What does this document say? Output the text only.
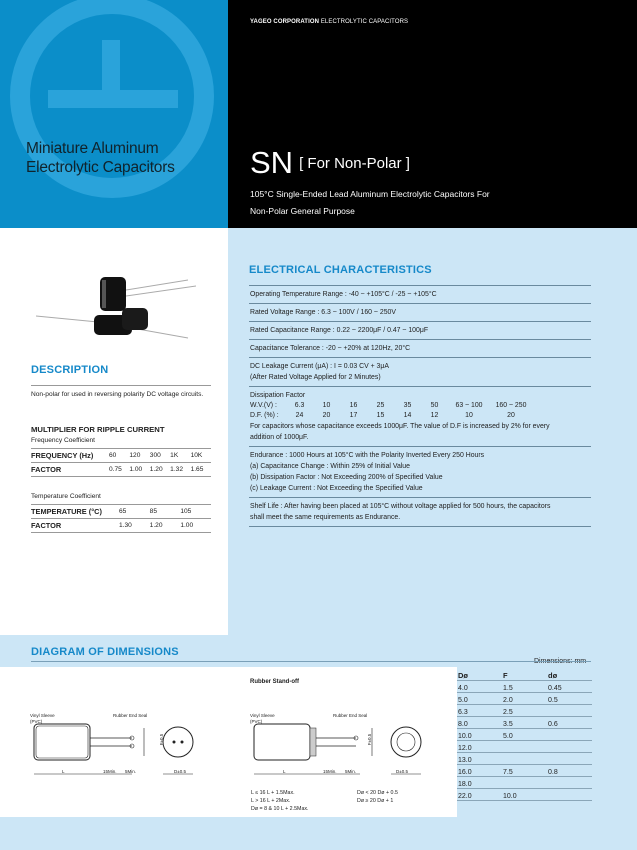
Miniature Aluminum
Electrolytic Capacitors
YAGEO CORPORATION ELECTROLYTIC CAPACITORS
SN [ For Non-Polar ]
105°C Single-Ended Lead Aluminum Electrolytic Capacitors For
Non-Polar General Purpose
ELECTRICAL CHARACTERISTICS
Operating Temperature Range : -40 ~ +105°C / -25 ~ +105°C
Rated Voltage Range : 6.3 ~ 100V / 160 ~ 250V
Rated Capacitance Range : 0.22 ~ 2200μF / 0.47 ~ 100μF
Capacitance Tolerance : -20 ~ +20% at 120Hz, 20°C
DC Leakage Current (μA) : I = 0.03 CV + 3μA
(After Rated Voltage Applied for 2 Minutes)
Dissipation Factor
W.V.(V) :	6.3	10	16	25	35	50	63 ~ 100	160 ~ 250
D.F. (%) :	24	20	17	15	14	12	10	20
For capacitors whose capacitance exceeds 1000μF. The value of D.F is increased by 2% for every
addition of 1000μF.
Endurance : 1000 Hours at 105°C with the Polarity Inverted Every 250 Hours
(a) Capacitance Change : Within 25% of Initial Value
(b) Dissipation Factor : Not Exceeding 200% of Specified Value
(c) Leakage Current : Not Exceeding the Specified Value
Shelf Life : After having been placed at 105°C without voltage applied for 500 hours, the capacitors
shall meet the same requirements as Endurance.
DESCRIPTION
Non-polar for used in reversing polarity DC voltage circuits.
MULTIPLIER FOR RIPPLE CURRENT
Frequency Coefficient
FREQUENCY (Hz)	60	120	300	1K	10K
FACTOR	0.75	1.00	1.20	1.32	1.65
Temperature Coefficient
TEMPERATURE (°C)	65	85	105
FACTOR	1.30	1.20	1.00
DIAGRAM OF DIMENSIONS
Vinyl Sleeve
(PVC)
Rubber End Seal
L	15Min. 5Min.	D±0.5
F±0.5
Rubber Stand-off
Vinyl Sleeve
(PVC)
Rubber End Seal
L	15Min. 5Min.	D±0.5
F±0.5
L ≤ 16 L + 1.5Max.
L > 16 L + 2Max.
Dø = 8 & 10 L + 2.5Max.
Dø < 20 Dø + 0.5
Dø ≥ 20 Dø + 1
Dø	F	dø
4.0	1.5	0.45
5.0	2.0	0.5
6.3	2.5	
8.0	3.5	0.6
10.0	5.0	
12.0		
13.0		
16.0	7.5	0.8
18.0		
22.0	10.0	
